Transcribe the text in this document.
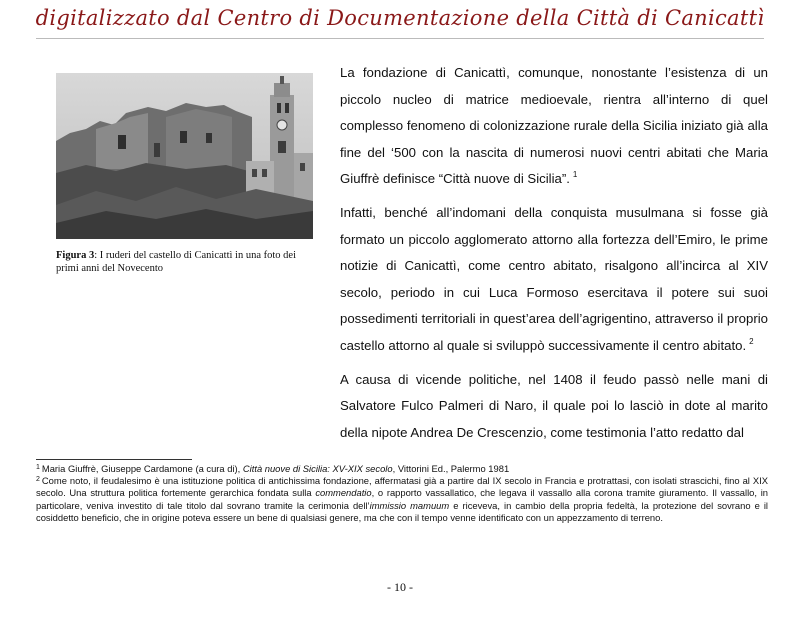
digitalizzato dal Centro di Documentazione della Città di Canicattì
Figura 3: I ruderi del castello di Canicattì in una foto dei primi anni del Novecento

La fondazione di Canicattì, comunque, nonostante l’esistenza di un piccolo nucleo di matrice medioevale, rientra all’interno di quel complesso fenomeno di colonizzazione rurale della Sicilia iniziato già alla fine del ‘500 con la nascita di numerosi nuovi centri abitati che Maria Giuffrè definisce “Città nuove di Sicilia”. $^1$

Infatti, benché all’indomani della conquista musulmana si fosse già formato un piccolo agglomerato attorno alla fortezza dell’Emiro, le prime notizie di Canicattì, come centro abitato, risalgono all’incirca al XIV secolo, periodo in cui Luca Formoso esercitava il potere sui suoi possedimenti territoriali in quest’area dell’agrigentino, attraverso il proprio castello attorno al quale si sviluppò successivamente il centro abitato. $^2$

A causa di vicende politiche, nel 1408 il feudo passò nelle mani di Salvatore Fulco Palmeri di Naro, il quale poi lo lasciò in dote al marito della nipote Andrea De Crescenzio, come testimonia l’atto redatto dal

$^1$ Maria Giuffrè, Giuseppe Cardamone (a cura di), Città nuove di Sicilia: XV-XIX secolo, Vittorini Ed., Palermo 1981

$^2$ Come noto, il feudalesimo è una istituzione politica di antichissima fondazione, affermatasi già a partire dal IX secolo in Francia e protrattasi, con isolati strascichi, fino al XIX secolo. Una struttura politica fortemente gerarchica fondata sulla commendatio, o rapporto vassallatico, che legava il vassallo alla corona tramite giuramento. Il vassallo, in particolare, veniva investito di tale titolo dal sovrano tramite la cerimonia dell’immissio mamuum e riceveva, in cambio della propria fedeltà, la protezione del sovrano e il cosiddetto beneficio, che in origine poteva essere un bene di qualsiasi genere, ma che con il tempo venne identificato con un appezzamento di terreno.

- 10 -
